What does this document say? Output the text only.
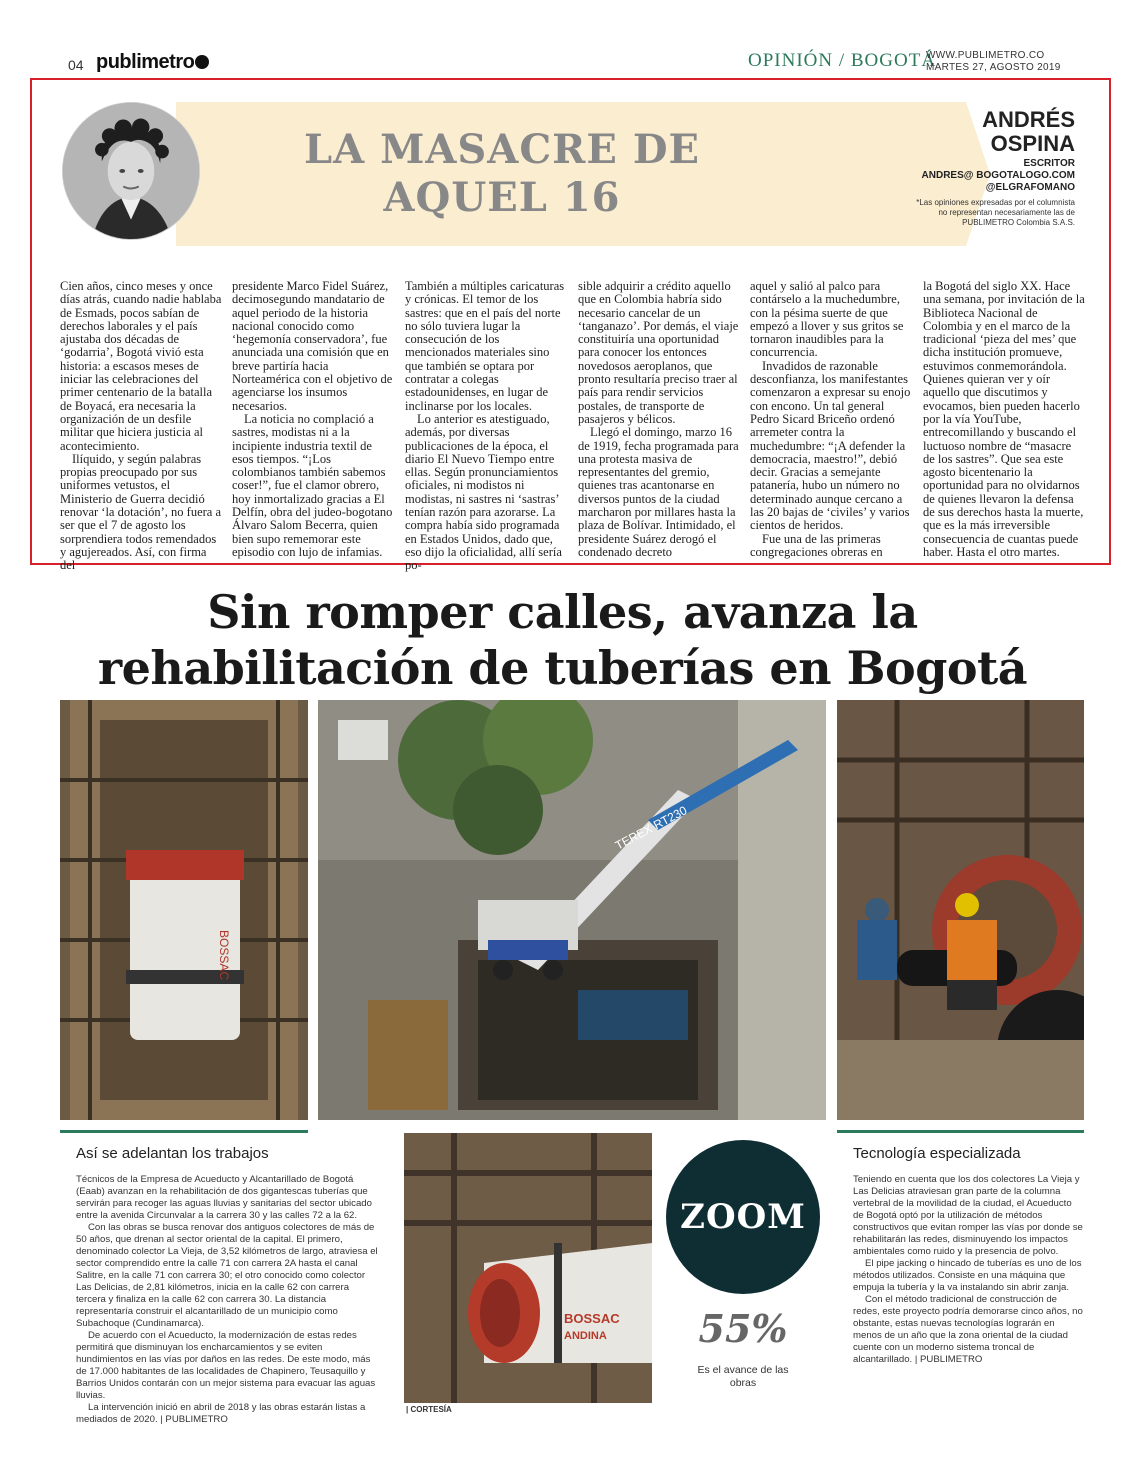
04 publimetro	OPINIÓN / BOGOTÁ
WWW.PUBLIMETRO.CO
MARTES 27, AGOSTO 2019
LA MASACRE DE
AQUEL 16
ANDRÉS
OSPINA
ESCRITOR
ANDRES@ BOGOTALOGO.COM
@ELGRAFOMANO
*Las opiniones expresadas por el columnista no representan necesariamente las de PUBLIMETRO Colombia S.A.S.

Cien años, cinco meses y once días atrás, cuando nadie hablaba de Esmads, pocos sabían de derechos laborales y el país ajustaba dos décadas de ‘godarria’, Bogotá vivió esta historia: a escasos meses de iniciar las celebraciones del primer centenario de la batalla de Boyacá, era necesaria la organización de un desfile militar que hiciera justicia al acontecimiento.

Ilíquido, y según palabras propias preocupado por sus uniformes vetustos, el Ministerio de Guerra decidió renovar ‘la dotación’, no fuera a ser que el 7 de agosto los sorprendiera todos remendados y agujereados. Así, con firma del

presidente Marco Fidel Suárez, decimosegundo mandatario de aquel periodo de la historia nacional conocido como ‘hegemonía conservadora’, fue anunciada una comisión que en breve partiría hacia Norteamérica con el objetivo de agenciarse los insumos necesarios.

La noticia no complació a sastres, modistas ni a la incipiente industria textil de esos tiempos. “¡Los colombianos también sabemos coser!”, fue el clamor obrero, hoy inmortalizado gracias a El Delfín, obra del judeo-bogotano Álvaro Salom Becerra, quien bien supo rememorar este episodio con lujo de infamias.

También a múltiples caricaturas y crónicas. El temor de los sastres: que en el país del norte no sólo tuviera lugar la consecución de los mencionados materiales sino que también se optara por contratar a colegas estadounidenses, en lugar de inclinarse por los locales.

Lo anterior es atestiguado, además, por diversas publicaciones de la época, el diario El Nuevo Tiempo entre ellas. Según pronunciamientos oficiales, ni modistos ni modistas, ni sastres ni ‘sastras’ tenían razón para azorarse. La compra había sido programada en Estados Unidos, dado que, eso dijo la oficialidad, allí sería po-

sible adquirir a crédito aquello que en Colombia habría sido necesario cancelar de un ‘tanganazo’. Por demás, el viaje constituiría una oportunidad para conocer los entonces novedosos aeroplanos, que pronto resultaría preciso traer al país para rendir servicios postales, de transporte de pasajeros y bélicos.

Llegó el domingo, marzo 16 de 1919, fecha programada para una protesta masiva de representantes del gremio, quienes tras acantonarse en diversos puntos de la ciudad marcharon por millares hasta la plaza de Bolívar. Intimidado, el presidente Suárez derogó el condenado decreto

aquel y salió al palco para contárselo a la muchedumbre, con la pésima suerte de que empezó a llover y sus gritos se tornaron inaudibles para la concurrencia.

Invadidos de razonable desconfianza, los manifestantes comenzaron a expresar su enojo con encono. Un tal general Pedro Sicard Briceño ordenó arremeter contra la muchedumbre: “¡A defender la democracia, maestro!”, debió decir. Gracias a semejante patanería, hubo un número no determinado aunque cercano a las 20 bajas de ‘civiles’ y varios cientos de heridos.

Fue una de las primeras congregaciones obreras en

la Bogotá del siglo XX. Hace una semana, por invitación de la Biblioteca Nacional de Colombia y en el marco de la tradicional ‘pieza del mes’ que dicha institución promueve, estuvimos conmemorándola. Quienes quieran ver y oír aquello que discutimos y evocamos, bien pueden hacerlo por la vía YouTube, entrecomillando y buscando el luctuoso nombre de “masacre de los sastres”. Que sea este agosto bicentenario la oportunidad para no olvidarnos de quienes llevaron la defensa de sus derechos hasta la muerte, que es la más irreversible consecuencia de cuantas puede haber. Hasta el otro martes.

Sin romper calles, avanza la
rehabilitación de tuberías en Bogotá
BOSSAC
TEREX RT230
Así se adelantan los trabajos

Técnicos de la Empresa de Acueducto y Alcantarillado de Bogotá (Eaab) avanzan en la rehabilitación de dos gigantescas tuberías que servirán para recoger las aguas lluvias y sanitarias del sector ubicado entre la avenida Circunvalar a la carrera 30 y las calles 72 a la 62.

Con las obras se busca renovar dos antiguos colectores de más de 50 años, que drenan al sector oriental de la capital. El primero, denominado colector La Vieja, de 3,52 kilómetros de largo, atraviesa el sector comprendido entre la calle 71 con carrera 2A hasta el canal Salitre, en la calle 71 con carrera 30; el otro conocido como colector Las Delicias, de 2,81 kilómetros, inicia en la calle 62 con carrera tercera y finaliza en la calle 62 con carrera 30. La distancia representaría construir el alcantarillado de un municipio como Subachoque (Cundinamarca).

De acuerdo con el Acueducto, la modernización de estas redes permitirá que disminuyan los encharcamientos y se eviten hundimientos en las vías por daños en las redes. De este modo, más de 17.000 habitantes de las localidades de Chapinero, Teusaquillo y Barrios Unidos contarán con un mejor sistema para evacuar las aguas lluvias.

La intervención inició en abril de 2018 y las obras estarán listas a mediados de 2020. | PUBLIMETRO

BOSSAC
ANDINA
| CORTESÍA
ZOOM
55%
Es el avance de las obras
Tecnología especializada

Teniendo en cuenta que los dos colectores La Vieja y Las Delicias atraviesan gran parte de la columna vertebral de la movilidad de la ciudad, el Acueducto de Bogotá optó por la utilización de métodos constructivos que evitan romper las vías por donde se rehabilitarán las redes, disminuyendo los impactos ambientales como ruido y la presencia de polvo.

El pipe jacking o hincado de tuberías es uno de los métodos utilizados. Consiste en una máquina que empuja la tubería y la va instalando sin abrir zanja.

Con el método tradicional de construcción de redes, este proyecto podría demorarse cinco años, no obstante, estas nuevas tecnologías lograrán en menos de un año que la zona oriental de la ciudad cuente con un moderno sistema troncal de alcantarillado. | PUBLIMETRO
